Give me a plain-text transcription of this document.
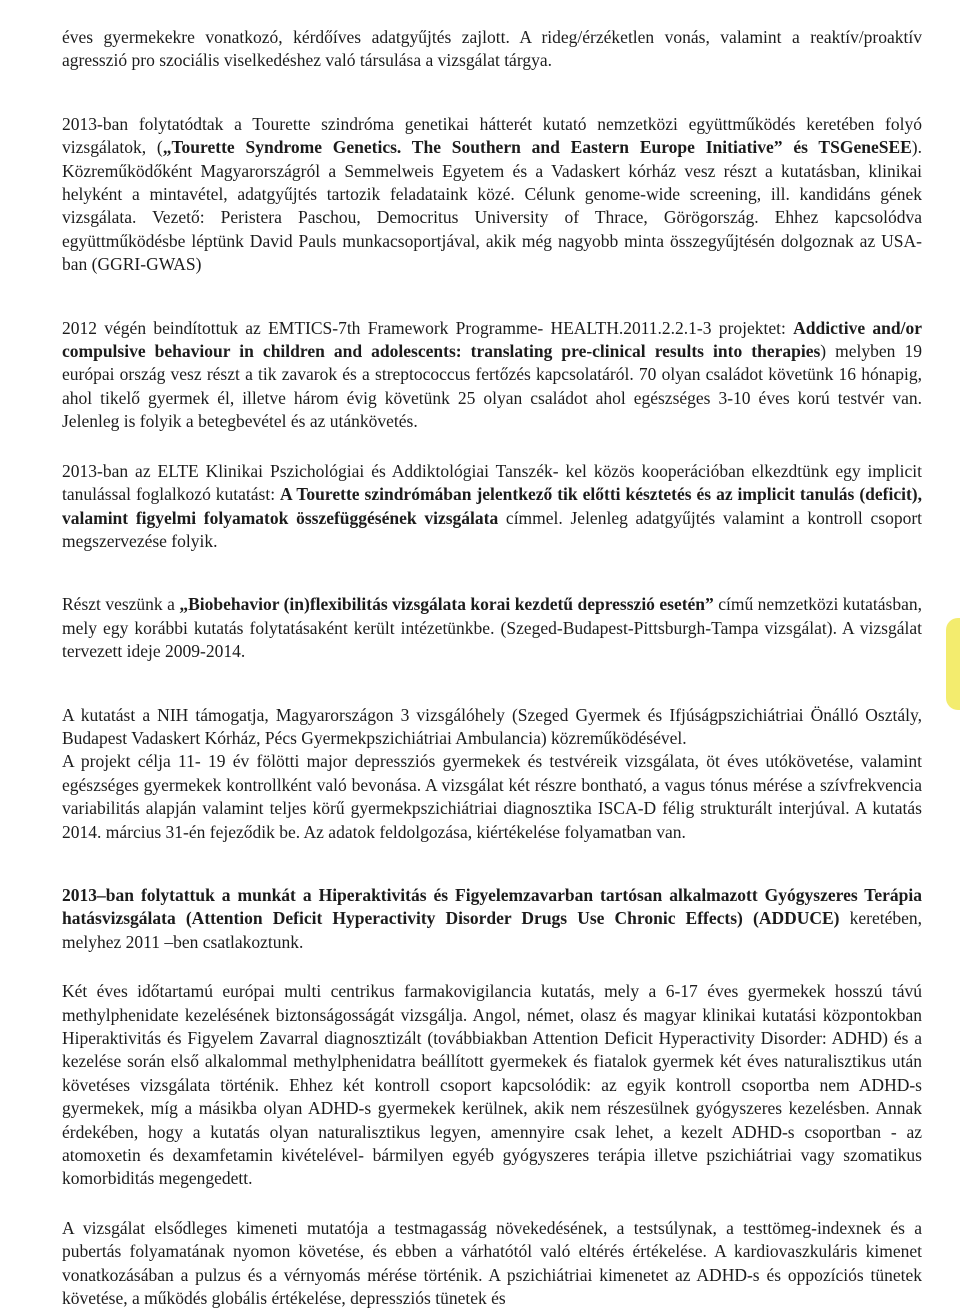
éves gyermekekre vonatkozó, kérdőíves adatgyűjtés zajlott. A rideg/érzéketlen vonás, valamint a reaktív/proaktív agresszió pro szociális viselkedéshez való társulása a vizsgálat tárgya.

2013-ban folytatódtak a Tourette szindróma genetikai hátterét kutató nemzetközi együttműködés keretében folyó vizsgálatok, („Tourette Syndrome Genetics. The Southern and Eastern Europe Initiative” és TSGeneSEE). Közreműködőként Magyarországról a Semmelweis Egyetem és a Vadaskert kórház vesz részt a kutatásban, klinikai helyként a mintavétel, adatgyűjtés tartozik feladataink közé. Célunk genome-wide screening, ill. kandidáns gének vizsgálata. Vezető: Peristera Paschou, Democritus University of Thrace, Görögország. Ehhez kapcsolódva együttműködésbe léptünk David Pauls munkacsoportjával, akik még nagyobb minta összegyűjtésén dolgoznak az USA-ban (GGRI-GWAS)

2012 végén beindítottuk az EMTICS-7th Framework Programme- HEALTH.2011.2.2.1-3 projektet: Addictive and/or compulsive behaviour in children and adolescents: translating pre-clinical results into therapies) melyben 19 európai ország vesz részt a tik zavarok és a streptococcus fertőzés kapcsolatáról. 70 olyan családot követünk 16 hónapig, ahol tikelő gyermek él, illetve három évig követünk 25 olyan családot ahol egészséges 3-10 éves korú testvér van. Jelenleg is folyik a betegbevétel és az utánkövetés.

2013-ban az ELTE Klinikai Pszichológiai és Addiktológiai Tanszék- kel közös kooperációban elkezdtünk egy implicit tanulással foglalkozó kutatást: A Tourette szindrómában jelentkező tik előtti késztetés és az implicit tanulás (deficit), valamint figyelmi folyamatok összefüggésének vizsgálata címmel. Jelenleg adatgyűjtés valamint a kontroll csoport megszervezése folyik.

Részt veszünk a „Biobehavior (in)flexibilitás vizsgálata korai kezdetű depresszió esetén” című nemzetközi kutatásban, mely egy korábbi kutatás folytatásaként került intézetünkbe. (Szeged-Budapest-Pittsburgh-Tampa vizsgálat). A vizsgálat tervezett ideje 2009-2014.

A kutatást a NIH támogatja, Magyarországon 3 vizsgálóhely (Szeged Gyermek és Ifjúságpszichiátriai Önálló Osztály, Budapest Vadaskert Kórház, Pécs Gyermekpszichiátriai Ambulancia) közreműködésével.

A projekt célja 11- 19 év fölötti major depressziós gyermekek és testvéreik vizsgálata, öt éves utókövetése, valamint egészséges gyermekek kontrollként való bevonása. A vizsgálat két részre bontható, a vagus tónus mérése a szívfrekvencia variabilitás alapján valamint teljes körű gyermekpszichiátriai diagnosztika ISCA-D félig strukturált interjúval. A kutatás 2014. március 31-én fejeződik be. Az adatok feldolgozása, kiértékelése folyamatban van.

2013–ban folytattuk a munkát a Hiperaktivitás és Figyelemzavarban tartósan alkalmazott Gyógyszeres Terápia hatásvizsgálata (Attention Deficit Hyperactivity Disorder Drugs Use Chronic Effects) (ADDUCE) keretében, melyhez 2011 –ben csatlakoztunk.

Két éves időtartamú európai multi centrikus farmakovigilancia kutatás, mely a 6-17 éves gyermekek hosszú távú methylphenidate kezelésének biztonságosságát vizsgálja. Angol, német, olasz és magyar klinikai kutatási központokban Hiperaktivitás és Figyelem Zavarral diagnosztizált (továbbiakban Attention Deficit Hyperactivity Disorder: ADHD) és a kezelése során első alkalommal methylphenidatra beállított gyermekek és fiatalok gyermek két éves naturalisztikus után követéses vizsgálata történik. Ehhez két kontroll csoport kapcsolódik: az egyik kontroll csoportba nem ADHD-s gyermekek, míg a másikba olyan ADHD-s gyermekek kerülnek, akik nem részesülnek gyógyszeres kezelésben. Annak érdekében, hogy a kutatás olyan naturalisztikus legyen, amennyire csak lehet, a kezelt ADHD-s csoportban - az atomoxetin és dexamfetamin kivételével- bármilyen egyéb gyógyszeres terápia illetve pszichiátriai vagy szomatikus komorbiditás megengedett.

A vizsgálat elsődleges kimeneti mutatója a testmagasság növekedésének, a testsúlynak, a testtömeg-indexnek és a pubertás folyamatának nyomon követése, és ebben a várhatótól való eltérés értékelése. A kardiovaszkuláris kimenet vonatkozásában a pulzus és a vérnyomás mérése történik. A pszichiátriai kimenetet az ADHD-s és oppozíciós tünetek követése, a működés globális értékelése, depressziós tünetek és
